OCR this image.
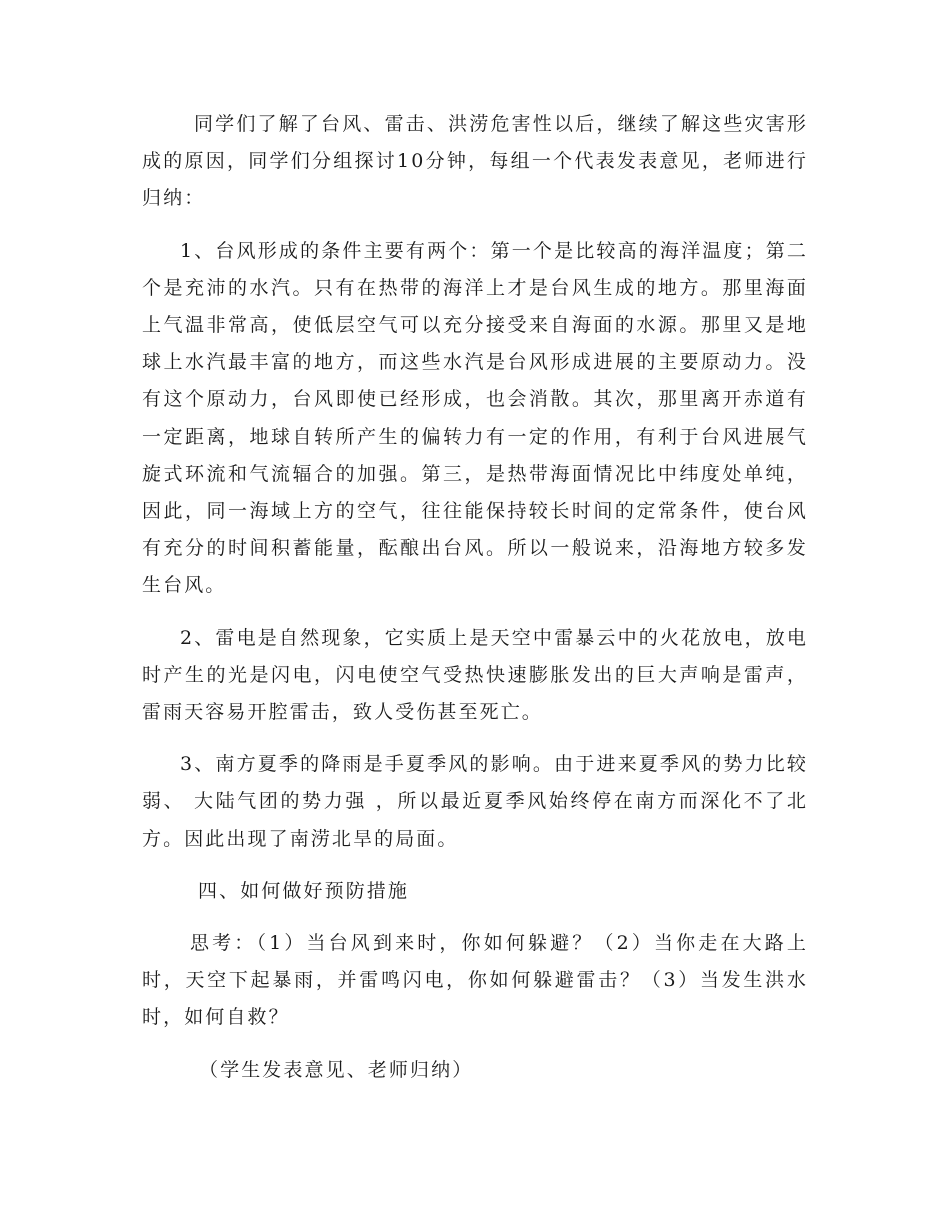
同学们了解了台风、雷击、洪涝危害性以后，继续了解这些灾害形成的原因，同学们分组探讨10分钟，每组一个代表发表意见，老师进行归纳：

1、台风形成的条件主要有两个：第一个是比较高的海洋温度；第二个是充沛的水汽。只有在热带的海洋上才是台风生成的地方。那里海面上气温非常高，使低层空气可以充分接受来自海面的水源。那里又是地球上水汽最丰富的地方，而这些水汽是台风形成进展的主要原动力。没有这个原动力，台风即使已经形成，也会消散。其次，那里离开赤道有一定距离，地球自转所产生的偏转力有一定的作用，有利于台风进展气旋式环流和气流辐合的加强。第三，是热带海面情况比中纬度处单纯，因此，同一海域上方的空气，往往能保持较长时间的定常条件，使台风有充分的时间积蓄能量，酝酿出台风。所以一般说来，沿海地方较多发生台风。

2、雷电是自然现象，它实质上是天空中雷暴云中的火花放电，放电时产生的光是闪电，闪电使空气受热快速膨胀发出的巨大声响是雷声，雷雨天容易开腔雷击，致人受伤甚至死亡。

3、南方夏季的降雨是手夏季风的影响。由于进来夏季风的势力比较弱、 大陆气团的势力强 ，所以最近夏季风始终停在南方而深化不了北方。因此出现了南涝北旱的局面。

四、如何做好预防措施

思考：（1）当台风到来时，你如何躲避？（2）当你走在大路上时，天空下起暴雨，并雷鸣闪电，你如何躲避雷击？（3）当发生洪水时，如何自救？

（学生发表意见、老师归纳）
